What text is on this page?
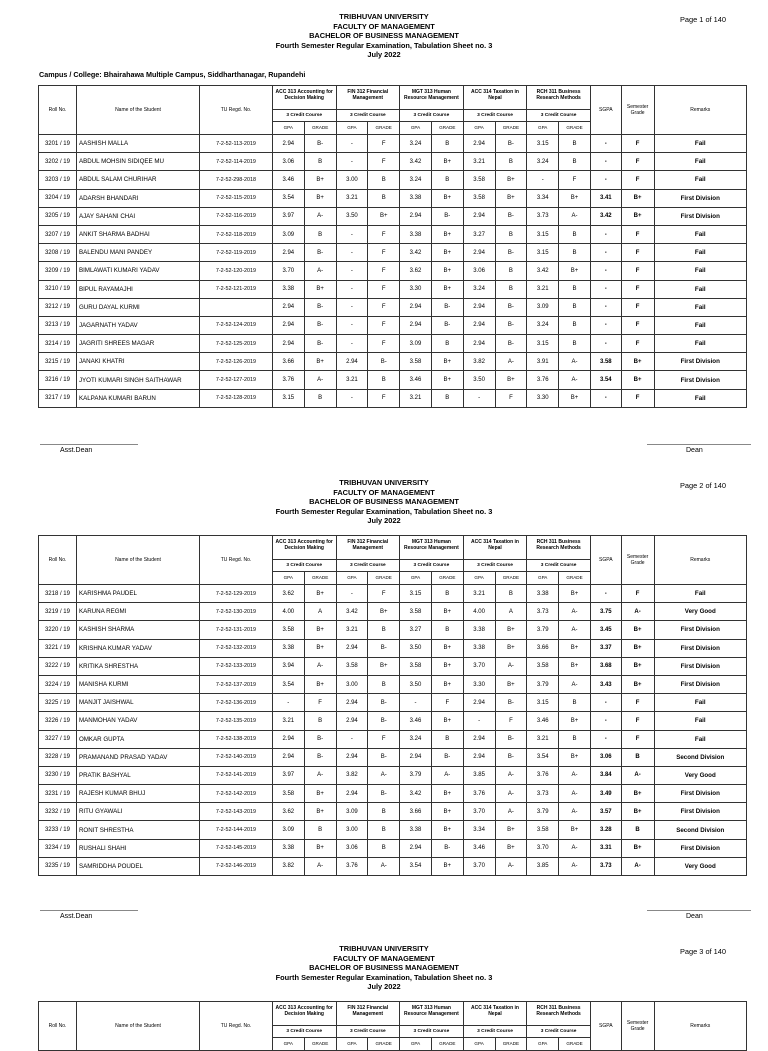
TRIBHUVAN UNIVERSITY
FACULTY OF MANAGEMENT
BACHELOR OF BUSINESS MANAGEMENT
Fourth Semester Regular Examination, Tabulation Sheet no. 3
July 2022
Page 1 of 140
Campus / College: Bhairahawa Multiple Campus, Siddharthanagar, Rupandehi
Roll No.	Name of the Student	TU Regd. No.	ACC 313 Accounting for Decision Making		FIN 312 Financial Management		MGT 313 Human Resource Management		ACC 314 Taxation in Nepal		RCH 311 Business Research Methods		SGPA	Semester Grade	Remarks
			3 Credit Course		3 Credit Course		3 Credit Course		3 Credit Course		3 Credit Course				
			GPA	GRADE	GPA	GRADE	GPA	GRADE	GPA	GRADE	GPA	GRADE			
3201 / 19	AASHISH MALLA	7-2-52-113-2019	2.94	B-	-	F	3.24	B	2.94	B-	3.15	B	-	F	Fail
3202 / 19	ABDUL MOHSIN SIDIQEE MU	7-2-52-114-2019	3.06	B	-	F	3.42	B+	3.21	B	3.24	B	-	F	Fail
3203 / 19	ABDUL SALAM CHURIHAR	7-2-52-298-2018	3.46	B+	3.00	B	3.24	B	3.58	B+	-	F	-	F	Fail
3204 / 19	ADARSH BHANDARI	7-2-52-115-2019	3.54	B+	3.21	B	3.38	B+	3.58	B+	3.34	B+	3.41	B+	First Division
3205 / 19	AJAY SAHANI CHAI	7-2-52-116-2019	3.97	A-	3.50	B+	2.94	B-	2.94	B-	3.73	A-	3.42	B+	First Division
3207 / 19	ANKIT SHARMA BADHAI	7-2-52-118-2019	3.09	B	-	F	3.38	B+	3.27	B	3.15	B	-	F	Fail
3208 / 19	BALENDU MANI PANDEY	7-2-52-119-2019	2.94	B-	-	F	3.42	B+	2.94	B-	3.15	B	-	F	Fail
3209 / 19	BIMLAWATI KUMARI YADAV	7-2-52-120-2019	3.70	A-	-	F	3.62	B+	3.06	B	3.42	B+	-	F	Fail
3210 / 19	BIPUL RAYAMAJHI	7-2-52-121-2019	3.38	B+	-	F	3.30	B+	3.24	B	3.21	B	-	F	Fail
3212 / 19	GURU DAYAL KURMI		2.94	B-	-	F	2.94	B-	2.94	B-	3.09	B	-	F	Fail
3213 / 19	JAGARNATH YADAV	7-2-52-124-2019	2.94	B-	-	F	2.94	B-	2.94	B-	3.24	B	-	F	Fail
3214 / 19	JAGRITI SHREES MAGAR	7-2-52-125-2019	2.94	B-	-	F	3.09	B	2.94	B-	3.15	B	-	F	Fail
3215 / 19	JANAKI KHATRI	7-2-52-126-2019	3.66	B+	2.94	B-	3.58	B+	3.82	A-	3.91	A-	3.58	B+	First Division
3216 / 19	JYOTI KUMARI SINGH SAITHAWAR	7-2-52-127-2019	3.76	A-	3.21	B	3.46	B+	3.50	B+	3.76	A-	3.54	B+	First Division
3217 / 19	KALPANA KUMARI BARUN	7-2-52-128-2019	3.15	B	-	F	3.21	B	-	F	3.30	B+	-	F	Fail
Asst.Dean	Dean
TRIBHUVAN UNIVERSITY
FACULTY OF MANAGEMENT
BACHELOR OF BUSINESS MANAGEMENT
Fourth Semester Regular Examination, Tabulation Sheet no. 3
July 2022
Page 2 of 140
Roll No.	Name of the Student	TU Regd. No.	ACC 313 Accounting for Decision Making		FIN 312 Financial Management		MGT 313 Human Resource Management		ACC 314 Taxation in Nepal		RCH 311 Business Research Methods		SGPA	Semester Grade	Remarks
			3 Credit Course		3 Credit Course		3 Credit Course		3 Credit Course		3 Credit Course				
			GPA	GRADE	GPA	GRADE	GPA	GRADE	GPA	GRADE	GPA	GRADE			
3218 / 19	KARISHMA PAUDEL	7-2-52-129-2019	3.62	B+	-	F	3.15	B	3.21	B	3.38	B+	-	F	Fail
3219 / 19	KARUNA REGMI	7-2-52-130-2019	4.00	A	3.42	B+	3.58	B+	4.00	A	3.73	A-	3.75	A-	Very Good
3220 / 19	KASHISH SHARMA	7-2-52-131-2019	3.58	B+	3.21	B	3.27	B	3.38	B+	3.79	A-	3.45	B+	First Division
3221 / 19	KRISHNA KUMAR YADAV	7-2-52-132-2019	3.38	B+	2.94	B-	3.50	B+	3.38	B+	3.66	B+	3.37	B+	First Division
3222 / 19	KRITIKA SHRESTHA	7-2-52-133-2019	3.94	A-	3.58	B+	3.58	B+	3.70	A-	3.58	B+	3.68	B+	First Division
3224 / 19	MANISHA KURMI	7-2-52-137-2019	3.54	B+	3.00	B	3.50	B+	3.30	B+	3.79	A-	3.43	B+	First Division
3225 / 19	MANJIT JAISHWAL	7-2-52-136-2019	-	F	2.94	B-	-	F	2.94	B-	3.15	B	-	F	Fail
3226 / 19	MANMOHAN YADAV	7-2-52-135-2019	3.21	B	2.94	B-	3.46	B+	-	F	3.46	B+	-	F	Fail
3227 / 19	OMKAR GUPTA	7-2-52-138-2019	2.94	B-	-	F	3.24	B	2.94	B-	3.21	B	-	F	Fail
3228 / 19	PRAMANAND PRASAD YADAV	7-2-52-140-2019	2.94	B-	2.94	B-	2.94	B-	2.94	B-	3.54	B+	3.06	B	Second Division
3230 / 19	PRATIK BASHYAL	7-2-52-141-2019	3.97	A-	3.82	A-	3.79	A-	3.85	A-	3.76	A-	3.84	A-	Very Good
3231 / 19	RAJESH KUMAR BHUJ	7-2-52-142-2019	3.58	B+	2.94	B-	3.42	B+	3.76	A-	3.73	A-	3.49	B+	First Division
3232 / 19	RITU GYAWALI	7-2-52-143-2019	3.62	B+	3.09	B	3.66	B+	3.70	A-	3.79	A-	3.57	B+	First Division
3233 / 19	RONIT SHRESTHA	7-2-52-144-2019	3.09	B	3.00	B	3.38	B+	3.34	B+	3.58	B+	3.28	B	Second Division
3234 / 19	RUSHALI SHAHI	7-2-52-145-2019	3.38	B+	3.06	B	2.94	B-	3.46	B+	3.70	A-	3.31	B+	First Division
3235 / 19	SAMRIDDHA POUDEL	7-2-52-146-2019	3.82	A-	3.76	A-	3.54	B+	3.70	A-	3.85	A-	3.73	A-	Very Good
Asst.Dean	Dean
TRIBHUVAN UNIVERSITY
FACULTY OF MANAGEMENT
BACHELOR OF BUSINESS MANAGEMENT
Fourth Semester Regular Examination, Tabulation Sheet no. 3
July 2022
Page 3 of 140
Roll No.	Name of the Student	TU Regd. No.	ACC 313 Accounting for Decision Making		FIN 312 Financial Management		MGT 313 Human Resource Management		ACC 314 Taxation in Nepal		RCH 311 Business Research Methods		SGPA	Semester Grade	Remarks
			3 Credit Course		3 Credit Course		3 Credit Course		3 Credit Course		3 Credit Course				
			GPA	GRADE	GPA	GRADE	GPA	GRADE	GPA	GRADE	GPA	GRADE			
